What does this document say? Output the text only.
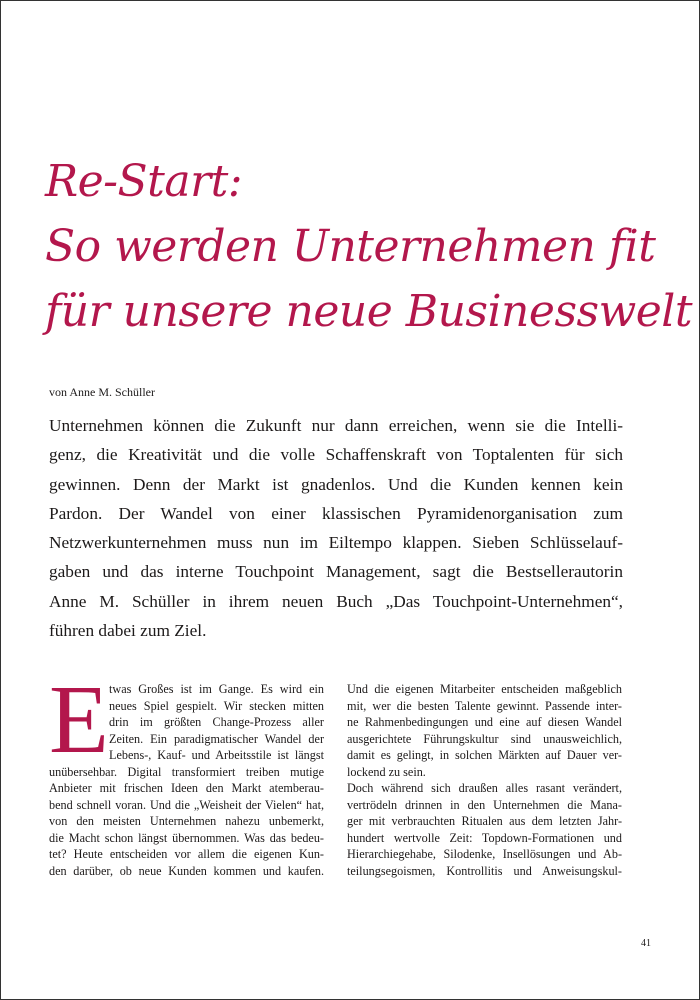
Re-Start:
So werden Unternehmen fit
für unsere neue Businesswelt
von Anne M. Schüller
Unternehmen können die Zukunft nur dann erreichen, wenn sie die Intelli-
genz, die Kreativität und die volle Schaffenskraft von Toptalenten für sich
gewinnen. Denn der Markt ist gnadenlos. Und die Kunden kennen kein
Pardon. Der Wandel von einer klassischen Pyramidenorganisation zum
Netzwerkunternehmen muss nun im Eiltempo klappen. Sieben Schlüsselauf-
gaben und das interne Touchpoint Management, sagt die Bestsellerautorin
Anne M. Schüller in ihrem neuen Buch „Das Touchpoint-Unternehmen“,
führen dabei zum Ziel.
E twas Großes ist im Gange. Es wird ein
neues Spiel gespielt. Wir stecken mitten
drin im größten Change-Prozess aller
Zeiten. Ein paradigmatischer Wandel der
Lebens-, Kauf- und Arbeitsstile ist längst
unübersehbar. Digital transformiert treiben mutige
Anbieter mit frischen Ideen den Markt atemberau-
bend schnell voran. Und die „Weisheit der Vielen“ hat,
von den meisten Unternehmen nahezu unbemerkt,
die Macht schon längst übernommen. Was das bedeu-
tet? Heute entscheiden vor allem die eigenen Kun-
den darüber, ob neue Kunden kommen und kaufen.
Und die eigenen Mitarbeiter entscheiden maßgeblich
mit, wer die besten Talente gewinnt. Passende inter-
ne Rahmenbedingungen und eine auf diesen Wandel
ausgerichtete Führungskultur sind unausweichlich,
damit es gelingt, in solchen Märkten auf Dauer ver-
lockend zu sein.
Doch während sich draußen alles rasant verändert,
vertrödeln drinnen in den Unternehmen die Mana-
ger mit verbrauchten Ritualen aus dem letzten Jahr-
hundert wertvolle Zeit: Topdown-Formationen und
Hierarchiegehabe, Silodenke, Insellösungen und Ab-
teilungsegoismen, Kontrollitis und Anweisungskul-
41
